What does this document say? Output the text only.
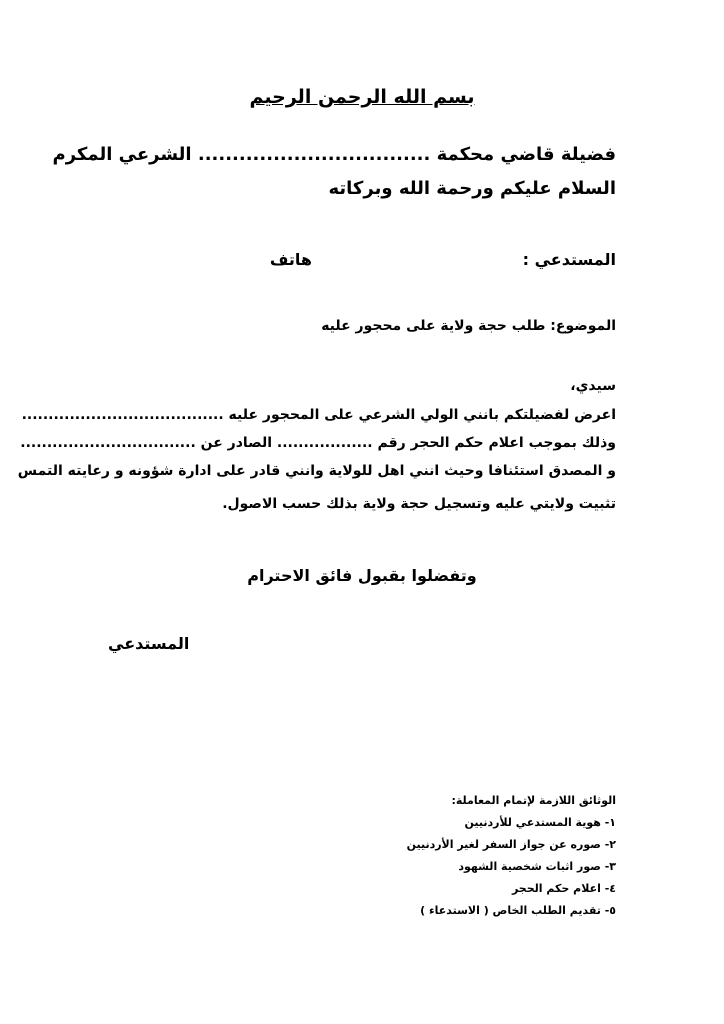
بسم الله الرحمن الرحيم
فضيلة قاضي محكمة .................................. الشرعي المكرم
السلام عليكم ورحمة الله وبركاته
المستدعي :
هاتف
الموضوع: طلب حجة ولاية على محجور عليه
سيدي،
اعرض لفضيلتكم بانني الولي الشرعي على المحجور عليه ......................................
وذلك بموجب اعلام حكم الحجر رقم .................. الصادر عن .................................
و المصدق استئنافا وحيث انني اهل للولاية وانني قادر على ادارة شؤونه و رعايته التمس
تثبيت ولايتي عليه وتسجيل حجة ولاية بذلك حسب الاصول.
وتفضلوا بقبول فائق الاحترام
المستدعي
الوثائق اللازمة لإتمام المعاملة:
١- هوية المستدعي للأردنيين
٢- صوره عن جواز السفر لغير الأردنيين
٣- صور اثبات شخصية الشهود
٤- اعلام حكم الحجر
٥- تقديم الطلب الخاص ( الاستدعاء )
